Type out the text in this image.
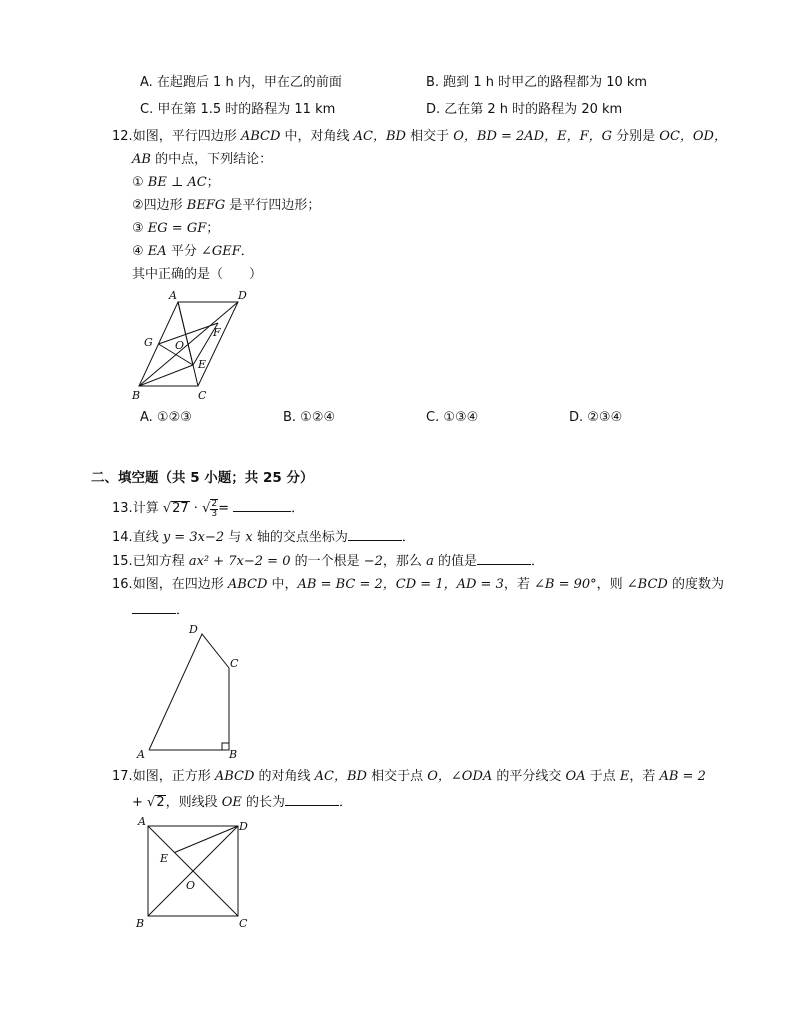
A. 在起跑后 1 h 内，甲在乙的前面	B. 跑到 1 h 时甲乙的路程都为 10 km
C. 甲在第 1.5 时的路程为 11 km	D. 乙在第 2 h 时的路程为 20 km
12.如图，平行四边形 ABCD 中，对角线 AC，BD 相交于 O，BD = 2AD，E，F，G 分别是 OC，OD，
AB 的中点，下列结论：
① BE ⊥ AC；
②四边形 BEFG 是平行四边形；
③ EG = GF；
④ EA 平分 ∠GEF．
其中正确的是（　　）
A	D
G O
F
E
B	C
A. ①②③	B. ①②④	C. ①③④	D. ②③④
二、填空题（共 5 小题；共 25 分）
13.计算 √27 · √ $\frac{2}{3}=$	．
14.直线 y = 3x−2 与 x 轴的交点坐标为	．
15.已知方程 ax² + 7x−2 = 0 的一个根是 −2，那么 a 的值是	．
16.如图，在四边形 ABCD 中，AB = BC = 2，CD = 1，AD = 3，若 ∠B = 90°，则 ∠BCD 的度数为
．
D
C
A	B
17.如图，正方形 ABCD 的对角线 AC，BD 相交于点 O，∠ODA 的平分线交 OA 于点 E，若 AB = 2
+ √2，则线段 OE 的长为	．
A	D
E
O
B	C
